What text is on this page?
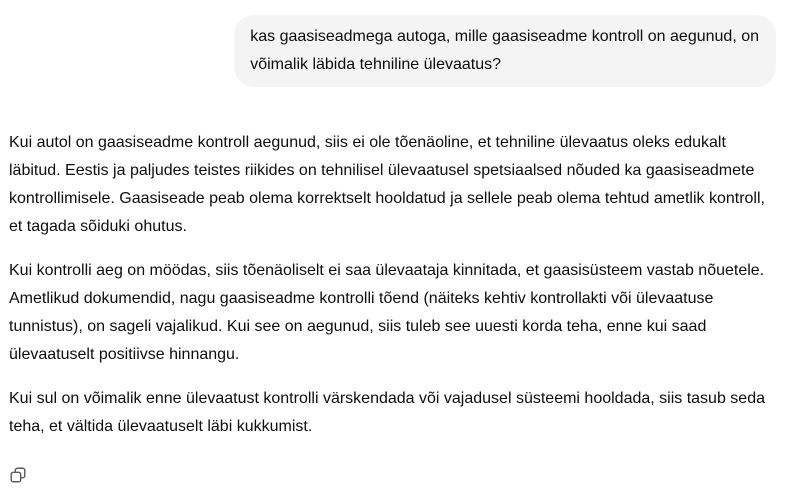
kas gaasiseadmega autoga, mille gaasiseadme kontroll on aegunud, on
võimalik läbida tehniline ülevaatus?

Kui autol on gaasiseadme kontroll aegunud, siis ei ole tõenäoline, et tehniline ülevaatus oleks edukalt
läbitud. Eestis ja paljudes teistes riikides on tehnilisel ülevaatusel spetsiaalsed nõuded ka gaasiseadmete
kontrollimisele. Gaasiseade peab olema korrektselt hooldatud ja sellele peab olema tehtud ametlik kontroll,
et tagada sõiduki ohutus.

Kui kontrolli aeg on möödas, siis tõenäoliselt ei saa ülevaataja kinnitada, et gaasisüsteem vastab nõuetele.
Ametlikud dokumendid, nagu gaasiseadme kontrolli tõend (näiteks kehtiv kontrollakti või ülevaatuse
tunnistus), on sageli vajalikud. Kui see on aegunud, siis tuleb see uuesti korda teha, enne kui saad
ülevaatuselt positiivse hinnangu.

Kui sul on võimalik enne ülevaatust kontrolli värskendada või vajadusel süsteemi hooldada, siis tasub seda
teha, et vältida ülevaatuselt läbi kukkumist.
